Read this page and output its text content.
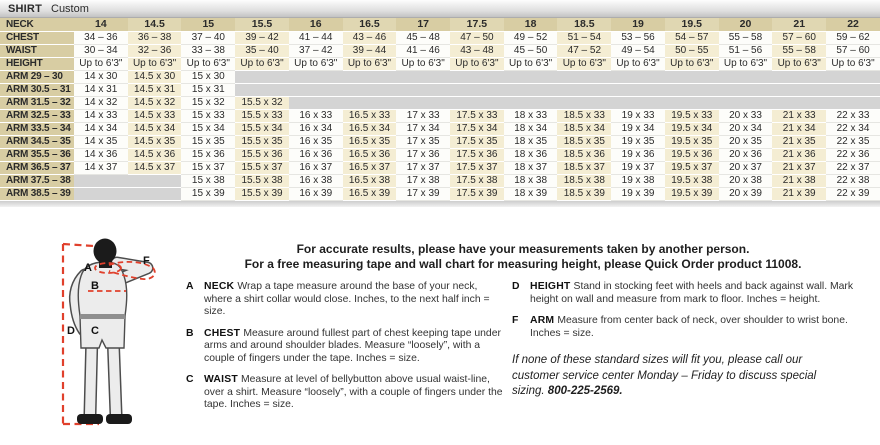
SHIRT Custom
NECK	14	14.5	15	15.5	16	16.5	17	17.5	18	18.5	19	19.5	20	21	22
CHEST	34 – 36	36 – 38	37 – 40	39 – 42	41 – 44	43 – 46	45 – 48	47 – 50	49 – 52	51 – 54	53 – 56	54 – 57	55 – 58	57 – 60	59 – 62
WAIST	30 – 34	32 – 36	33 – 38	35 – 40	37 – 42	39 – 44	41 – 46	43 – 48	45 – 50	47 – 52	49 – 54	50 – 55	51 – 56	55 – 58	57 – 60
HEIGHT	Up to 6'3"	Up to 6'3"	Up to 6'3"	Up to 6'3"	Up to 6'3"	Up to 6'3"	Up to 6'3"	Up to 6'3"	Up to 6'3"	Up to 6'3"	Up to 6'3"	Up to 6'3"	Up to 6'3"	Up to 6'3"	Up to 6'3"
ARM 29 – 30	14 x 30	14.5 x 30	15 x 30												
ARM 30.5 – 31	14 x 31	14.5 x 31	15 x 31												
ARM 31.5 – 32	14 x 32	14.5 x 32	15 x 32	15.5 x 32											
ARM 32.5 – 33	14 x 33	14.5 x 33	15 x 33	15.5 x 33	16 x 33	16.5 x 33	17 x 33	17.5 x 33	18 x 33	18.5 x 33	19 x 33	19.5 x 33	20 x 33	21 x 33	22 x 33
ARM 33.5 – 34	14 x 34	14.5 x 34	15 x 34	15.5 x 34	16 x 34	16.5 x 34	17 x 34	17.5 x 34	18 x 34	18.5 x 34	19 x 34	19.5 x 34	20 x 34	21 x 34	22 x 34
ARM 34.5 – 35	14 x 35	14.5 x 35	15 x 35	15.5 x 35	16 x 35	16.5 x 35	17 x 35	17.5 x 35	18 x 35	18.5 x 35	19 x 35	19.5 x 35	20 x 35	21 x 35	22 x 35
ARM 35.5 – 36	14 x 36	14.5 x 36	15 x 36	15.5 x 36	16 x 36	16.5 x 36	17 x 36	17.5 x 36	18 x 36	18.5 x 36	19 x 36	19.5 x 36	20 x 36	21 x 36	22 x 36
ARM 36.5 – 37	14 x 37	14.5 x 37	15 x 37	15.5 x 37	16 x 37	16.5 x 37	17 x 37	17.5 x 37	18 x 37	18.5 x 37	19 x 37	19.5 x 37	20 x 37	21 x 37	22 x 37
ARM 37.5 – 38			15 x 38	15.5 x 38	16 x 38	16.5 x 38	17 x 38	17.5 x 38	18 x 38	18.5 x 38	19 x 38	19.5 x 38	20 x 38	21 x 38	22 x 38
ARM 38.5 – 39			15 x 39	15.5 x 39	16 x 39	16.5 x 39	17 x 39	17.5 x 39	18 x 39	18.5 x 39	19 x 39	19.5 x 39	20 x 39	21 x 39	22 x 39
A
F
B
C
D
For accurate results, please have your measurements taken by another person.
For a free measuring tape and wall chart for measuring height, please Quick Order product 11008.
A	NECK Wrap a tape measure around the base of your neck, where a shirt collar would close. Inches, to the next half inch = size.

B	CHEST Measure around fullest part of chest keeping tape under arms and around shoulder blades. Measure “loosely”, with a couple of fingers under the tape. Inches = size.

C	WAIST Measure at level of bellybutton above usual waist-line, over a shirt. Measure “loosely”, with a couple of fingers under the tape. Inches = size.

D	HEIGHT Stand in stocking feet with heels and back against wall. Mark height on wall and measure from mark to floor. Inches = height.

F	ARM Measure from center back of neck, over shoulder to wrist bone. Inches = size.

If none of these standard sizes will fit you, please call our customer service center Monday – Friday to discuss special sizing. 800-225-2569.
